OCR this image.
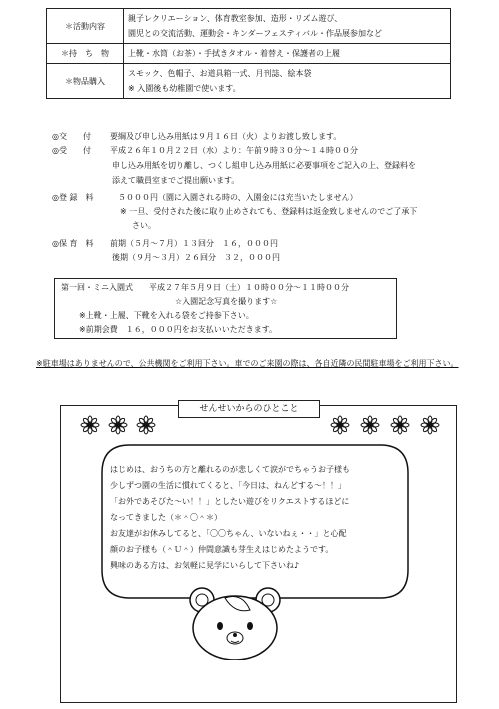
＊活動内容	親子レクリエーション、体育教室参加、造形・リズム遊び、
園児との交流活動、運動会・キンダーフェスティバル・作品展参加など

＊持　ち　物	上靴・水筒（お茶）・手拭きタオル・着替え・保護者の上履

＊物品購入	スモック、色帽子、お道具箱一式、月刊誌、絵本袋
※ 入園後も幼稚園で使います。
◎交　　付 要綱及び申し込み用紙は９月１６日（火）よりお渡し致します。
◎受　　付 平成２６年１０月２２日（水）より：午前９時３０分～１４時００分
申し込み用紙を切り離し、つくし組申し込み用紙に必要事項をご記入の上、登録料を
添えて職員室までご提出願います。
◎登 録　料	５０００円（園に入園される時の、入園金には充当いたしません）
※ 一旦、受付された後に取り止めされても、登録料は返金致しませんのでご了承下
さい。
◎保 育　料 前期（５月～７月）１３回分　１６，０００円
後期（９月～３月）２６回分　３２，０００円
第一回・ミニ入園式　　平成２７年５月９日（土）１０時００分～１１時００分
☆入園記念写真を撮ります☆
※上靴・上履、下靴を入れる袋をご持参下さい。
※前期会費　１６，０００円をお支払いいただきます。
※駐車場はありませんので、公共機関をご利用下さい。車でのご来園の際は、各自近隣の民間駐車場をご利用下さい。
せんせいからのひとこと
はじめは、おうちの方と離れるのが悲しくて涙がでちゃうお子様も
少しずつ園の生活に慣れてくると、「今日は、ねんどする～！！」
「お外であそびた～い！！」としたい遊びをリクエストするほどに
なってきました（＊＾〇＾＊）
お友達がお休みしてると、「〇〇ちゃん、いないねぇ・・」と心配
顔のお子様も（＾Ｕ＾）仲間意識も芽生えはじめたようです。
興味のある方は、お気軽に見学にいらして下さいね♪
